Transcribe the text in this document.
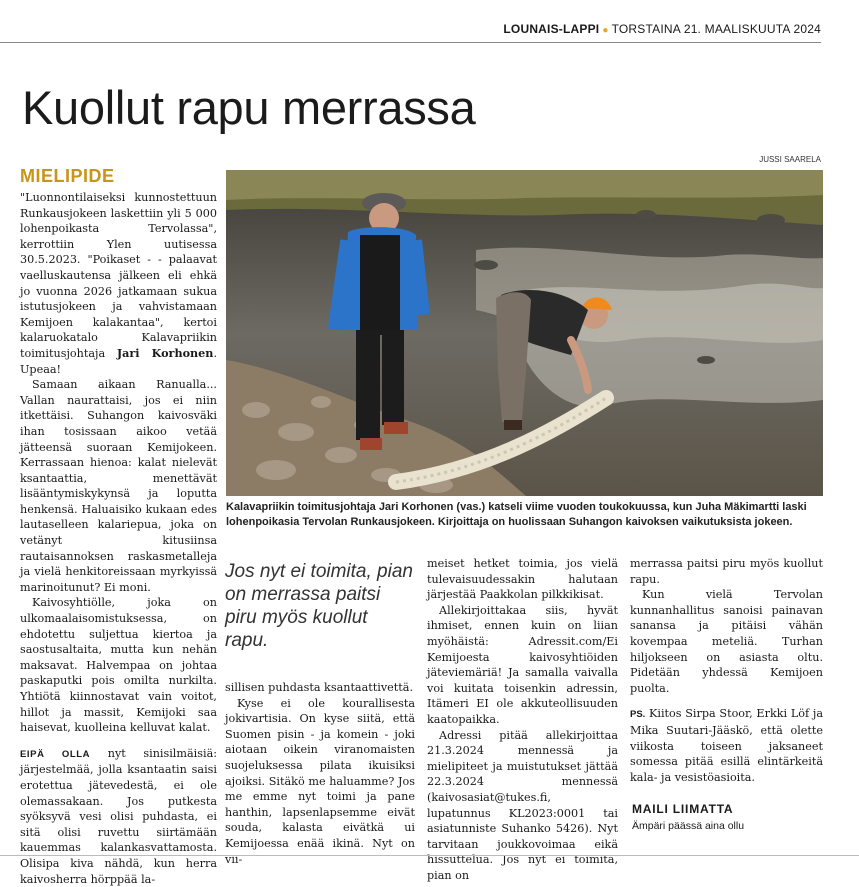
LOUNAIS-LAPPI ● TORSTAINA 21. MAALISKUUTA 2024
Kuollut rapu merrassa
MIELIPIDE
JUSSI SAARELA
Kalavapriikin toimitusjohtaja Jari Korhonen (vas.) katseli viime vuoden toukokuussa, kun Juha Mäkimartti laski lohenpoikasia Tervolan Runkausjokeen. Kirjoittaja on huolissaan Suhangon kaivoksen vaikutuksista jokeen.

"Luonnontilaiseksi kunnostettuun Runkausjokeen laskettiin yli 5 000 lohenpoikasta Tervolassa", kerrottiin Ylen uutisessa 30.5.2023. "Poikaset - - palaavat vaelluskautensa jälkeen eli ehkä jo vuonna 2026 jatkamaan sukua istutusjokeen ja vahvistamaan Kemijoen kalakantaa", kertoi kalaruokatalo Kalavapriikin toimitusjohtaja Jari Korhonen. Upeaa!

Samaan aikaan Ranualla... Vallan naurattaisi, jos ei niin itkettäisi. Suhangon kaivosväki ihan tosissaan aikoo vetää jätteensä suoraan Kemijokeen. Kerrassaan hienoa: kalat nielevät ksantaattia, menettävät lisääntymiskykynsä ja loputta henkensä. Haluaisiko kukaan edes lautaselleen kalariepua, joka on vetänyt kitusiinsa rautaisannoksen raskasmetalleja ja vielä henkitoreissaan myrkyissä marinoitunut? Ei moni.

Kaivosyhtiölle, joka on ulkomaalaisomistuksessa, on ehdotettu suljettua kiertoa ja saostusaltaita, mutta kun nehän maksavat. Halvempaa on johtaa paskaputki pois omilta nurkilta. Yhtiötä kiinnostavat vain voitot, hillot ja massit, Kemijoki saa haisevat, kuolleina kelluvat kalat.

EIPÄ OLLA nyt sinisilmäisiä: järjestelmää, jolla ksantaatin saisi erotettua jätevedestä, ei ole olemassakaan. Jos putkesta syöksyvä vesi olisi puhdasta, ei sitä olisi ruvettu siirtämään kauemmas kalankasvattamosta. Olisipa kiva nähdä, kun herra kaivosherra hörppää la-

Jos nyt ei toimita, pian on merrassa paitsi piru myös kuollut rapu.

sillisen puhdasta ksantaattivettä.

Kyse ei ole kourallisesta jokivartisia. On kyse siitä, että Suomen pisin - ja komein - joki aiotaan oikein viranomaisten suojeluksessa pilata ikuisiksi ajoiksi. Sitäkö me haluamme? Jos me emme nyt toimi ja pane hanthin, lapsenlapsemme eivät souda, kalasta eivätkä ui Kemijoessa enää ikinä. Nyt on vii-

meiset hetket toimia, jos vielä tulevaisuudessakin halutaan järjestää Paakkolan pilkkikisat.

Allekirjoittakaa siis, hyvät ihmiset, ennen kuin on liian myöhäistä: Adressit.com/Ei Kemijoesta kaivosyhtiöiden jäteviemäriä! Ja samalla vaivalla voi kuitata toisenkin adressin, Itämeri EI ole akkuteollisuuden kaatopaikka.

Adressi pitää allekirjoittaa 21.3.2024 mennessä ja mielipiteet ja muistutukset jättää 22.3.2024 mennessä (kaivosasiat@tukes.fi, lupatunnus KL2023:0001 tai asiatunniste Suhanko 5426). Nyt tarvitaan joukkovoimaa eikä hissuttelua. Jos nyt ei toimita, pian on

merrassa paitsi piru myös kuollut rapu.

Kun vielä Tervolan kunnanhallitus sanoisi painavan sanansa ja pitäisi vähän kovempaa meteliä. Turhan hiljokseen on asiasta oltu. Pidetään yhdessä Kemijoen puolta.

PS. Kiitos Sirpa Stoor, Erkki Löf ja Mika Suutari-Jääskö, että olette viikosta toiseen jaksaneet somessa pitää esillä elintärkeitä kala- ja vesistöasioita.

MAILI LIIMATTA
Ämpäri päässä aina ollu
